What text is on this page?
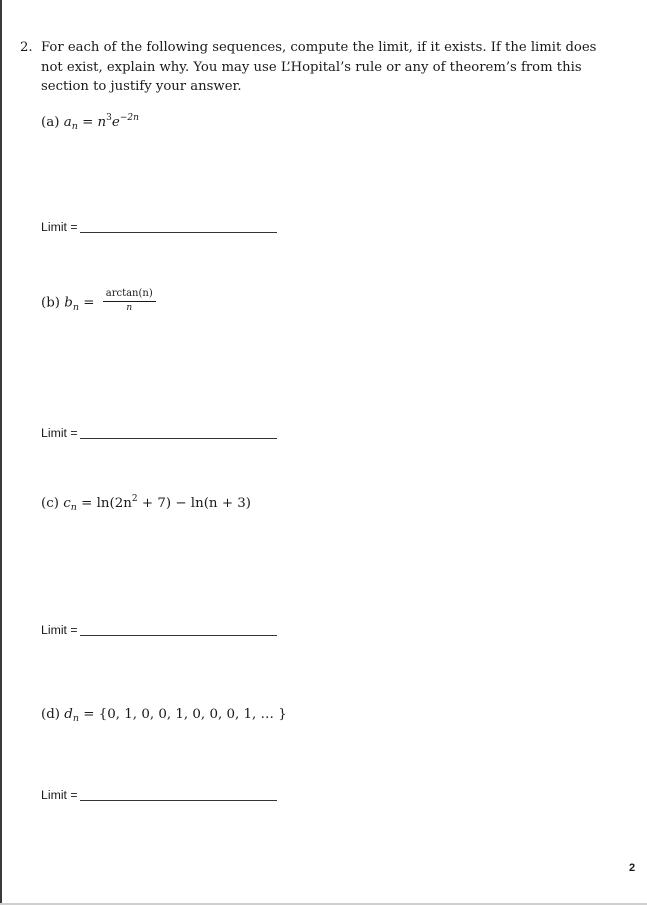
2. For each of the following sequences, compute the limit, if it exists. If the limit does not exist, explain why. You may use L’Hopital’s rule or any of theorem’s from this section to justify your answer.
(a) $a_n = n^3e^{-2n}$
Limit =
(b) $b_n = \frac{\arctan(n)}{n}$
Limit =
(c) $c_n = \ln(2n^2 + 7) - \ln(n + 3)$
Limit =
(d) $d_n = \{0$, 1, 0, 0, 1, 0, 0, 0, 1, … }
Limit =
2
